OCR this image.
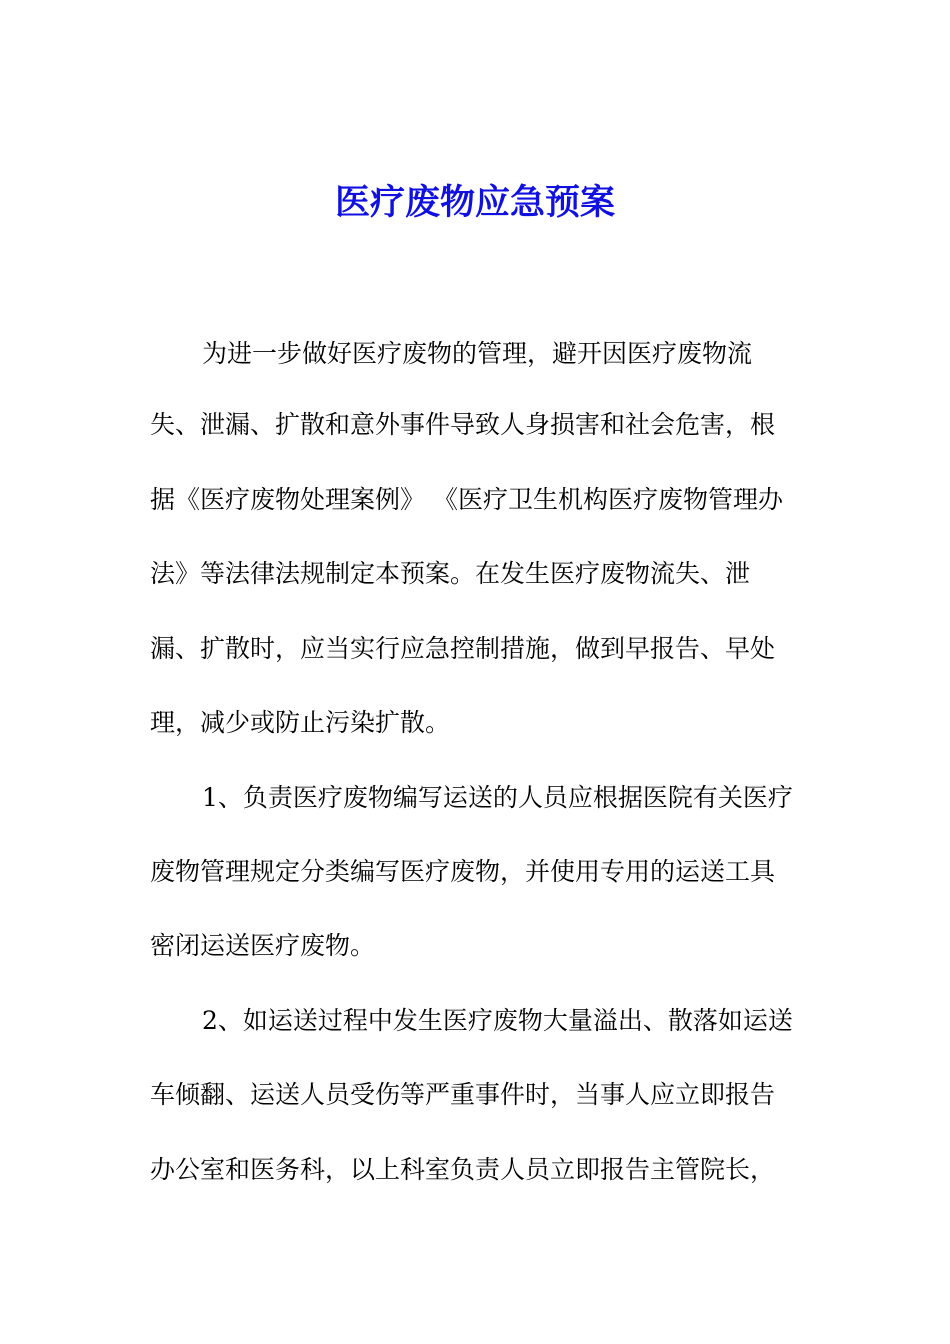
医疗废物应急预案
为进一步做好医疗废物的管理，避开因医疗废物流
失、泄漏、扩散和意外事件导致人身损害和社会危害，根
据《医疗废物处理案例》 《医疗卫生机构医疗废物管理办
法》等法律法规制定本预案。在发生医疗废物流失、泄
漏、扩散时，应当实行应急控制措施，做到早报告、早处
理，减少或防止污染扩散。
1、负责医疗废物编写运送的人员应根据医院有关医疗
废物管理规定分类编写医疗废物，并使用专用的运送工具
密闭运送医疗废物。
2、如运送过程中发生医疗废物大量溢出、散落如运送
车倾翻、运送人员受伤等严重事件时，当事人应立即报告
办公室和医务科，以上科室负责人员立即报告主管院长，
